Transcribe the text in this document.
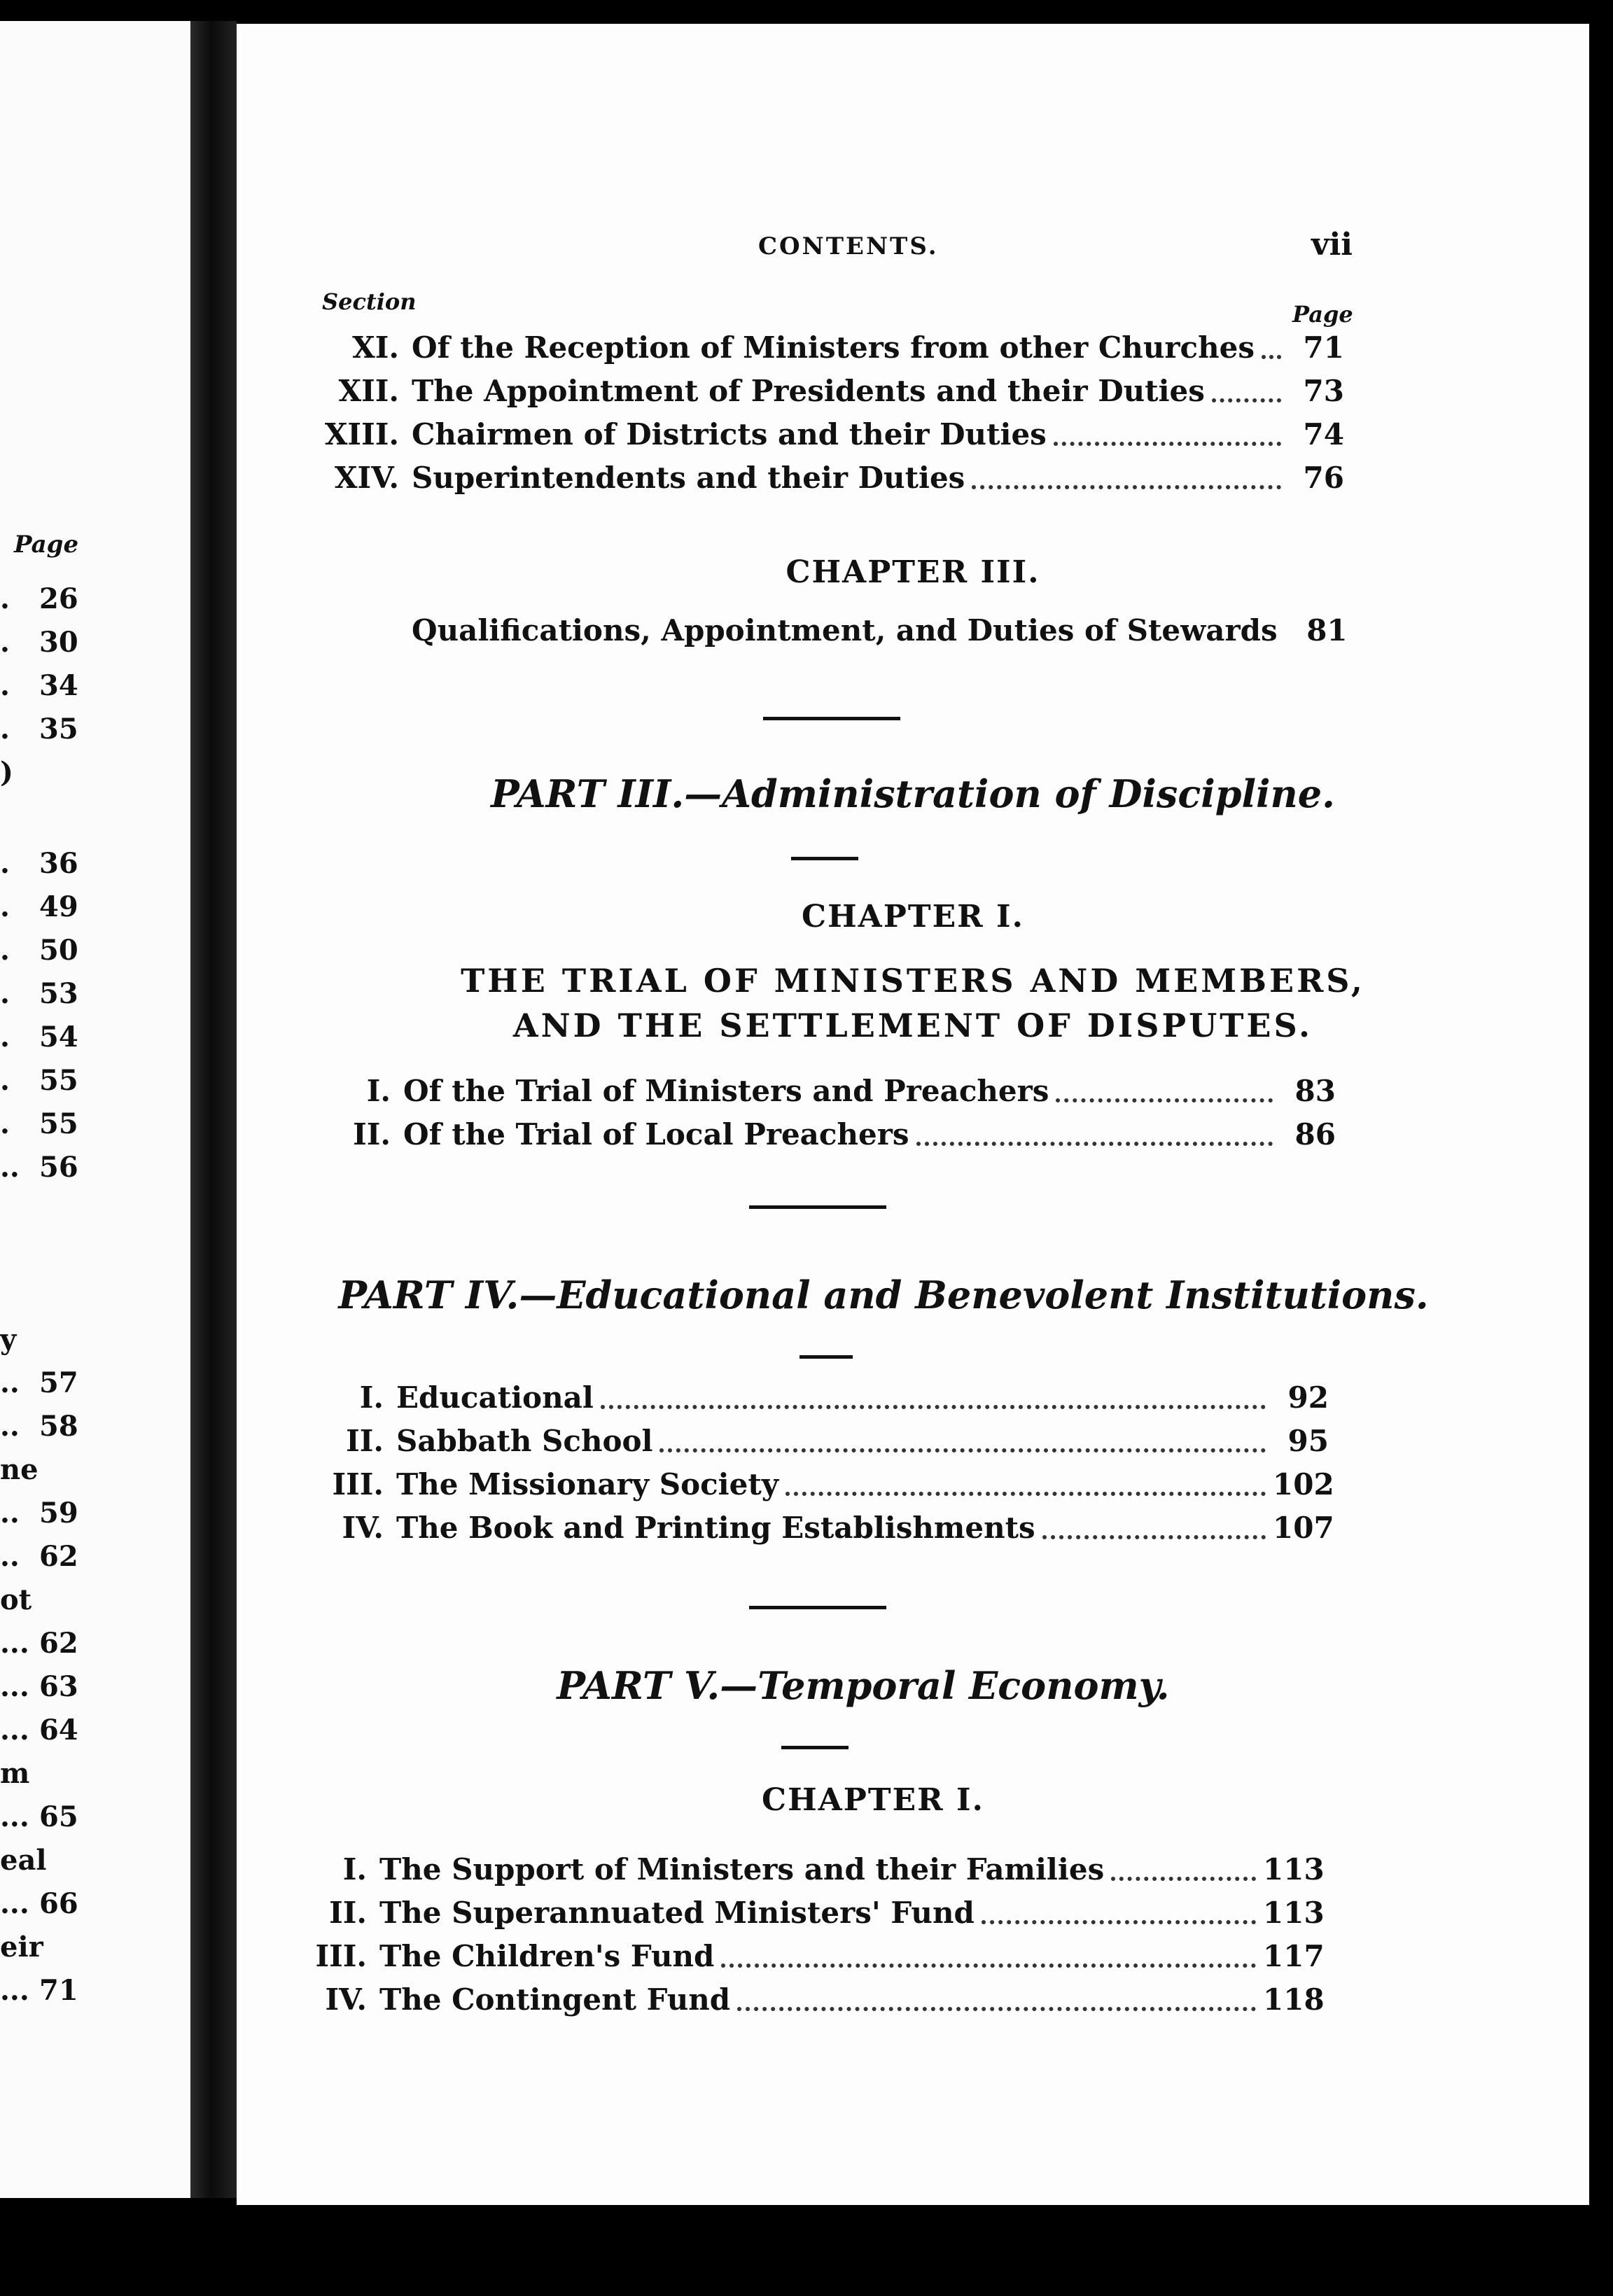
Page
. 26
. 30
. 34
. 35
)
. 36
. 49
. 50
. 53
. 54
. 55
. 55
.. 56
y
.. 57
.. 58
ne
.. 59
.. 62
ot
... 62
... 63
... 64
m
... 65
eal
... 66
eir
... 71
CONTENTS.	vii
Section	Page
XI. Of the Reception of Ministers from other Churches	71
XII. The Appointment of Presidents and their Duties	73
XIII. Chairmen of Districts and their Duties	74
XIV. Superintendents and their Duties	76
CHAPTER III.
Qualifications, Appointment, and Duties of Stewards 81
PART III.—Administration of Discipline.
CHAPTER I.
THE TRIAL OF MINISTERS AND MEMBERS,
AND THE SETTLEMENT OF DISPUTES.
I. Of the Trial of Ministers and Preachers	83
II. Of the Trial of Local Preachers	86
PART IV.—Educational and Benevolent Institutions.
I. Educational	92
II. Sabbath School	95
III. The Missionary Society	102
IV. The Book and Printing Establishments	107
PART V.—Temporal Economy.
CHAPTER I.
I. The Support of Ministers and their Families	113
II. The Superannuated Ministers' Fund	113
III. The Children's Fund	117
IV. The Contingent Fund	118
